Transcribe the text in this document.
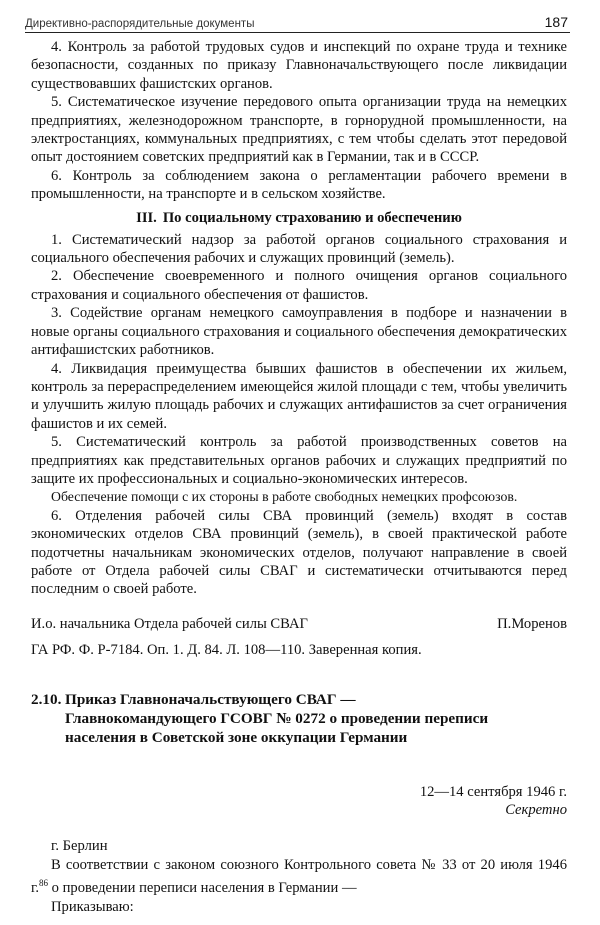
Директивно-распорядительные документы	187

4. Контроль за работой трудовых судов и инспекций по охране труда и технике безопасности, созданных по приказу Главноначальствующего после ликвидации существовавших фашистских органов.

5. Систематическое изучение передового опыта организации труда на немецких предприятиях, железнодорожном транспорте, в горнорудной промышленности, на электростанциях, коммунальных предприятиях, с тем чтобы сделать этот передовой опыт достоянием советских предприятий как в Германии, так и в СССР.

6. Контроль за соблюдением закона о регламентации рабочего времени в промышленности, на транспорте и в сельском хозяйстве.

III. По социальному страхованию и обеспечению

1. Систематический надзор за работой органов социального страхования и социального обеспечения рабочих и служащих провинций (земель).

2. Обеспечение своевременного и полного очищения органов социального страхования и социального обеспечения от фашистов.

3. Содействие органам немецкого самоуправления в подборе и назначении в новые органы социального страхования и социального обеспечения демократических антифашистских работников.

4. Ликвидация преимущества бывших фашистов в обеспечении их жильем, контроль за перераспределением имеющейся жилой площади с тем, чтобы увеличить и улучшить жилую площадь рабочих и служащих антифашистов за счет ограничения фашистов и их семей.

5. Систематический контроль за работой производственных советов на предприятиях как представительных органов рабочих и служащих предприятий по защите их профессиональных и социально-экономических интересов.

Обеспечение помощи с их стороны в работе свободных немецких профсоюзов.

6. Отделения рабочей силы СВА провинций (земель) входят в состав экономических отделов СВА провинций (земель), в своей практической работе подотчетны начальникам экономических отделов, получают направление в своей работе от Отдела рабочей силы СВАГ и систематически отчитываются перед последним о своей работе.

И.о. начальника Отдела рабочей силы СВАГ	П.Моренов
ГА РФ. Ф. Р-7184. Оп. 1. Д. 84. Л. 108—110. Заверенная копия.
2.10. Приказ Главноначальствующего СВАГ —
Главнокомандующего ГСОВГ № 0272 о проведении переписи
населения в Советской зоне оккупации Германии
12—14 сентября 1946 г.
Секретно
г. Берлин

В соответствии с законом союзного Контрольного совета № 33 от 20 июля 1946 г.$^{86}$ о проведении переписи населения в Германии —

Приказываю:
